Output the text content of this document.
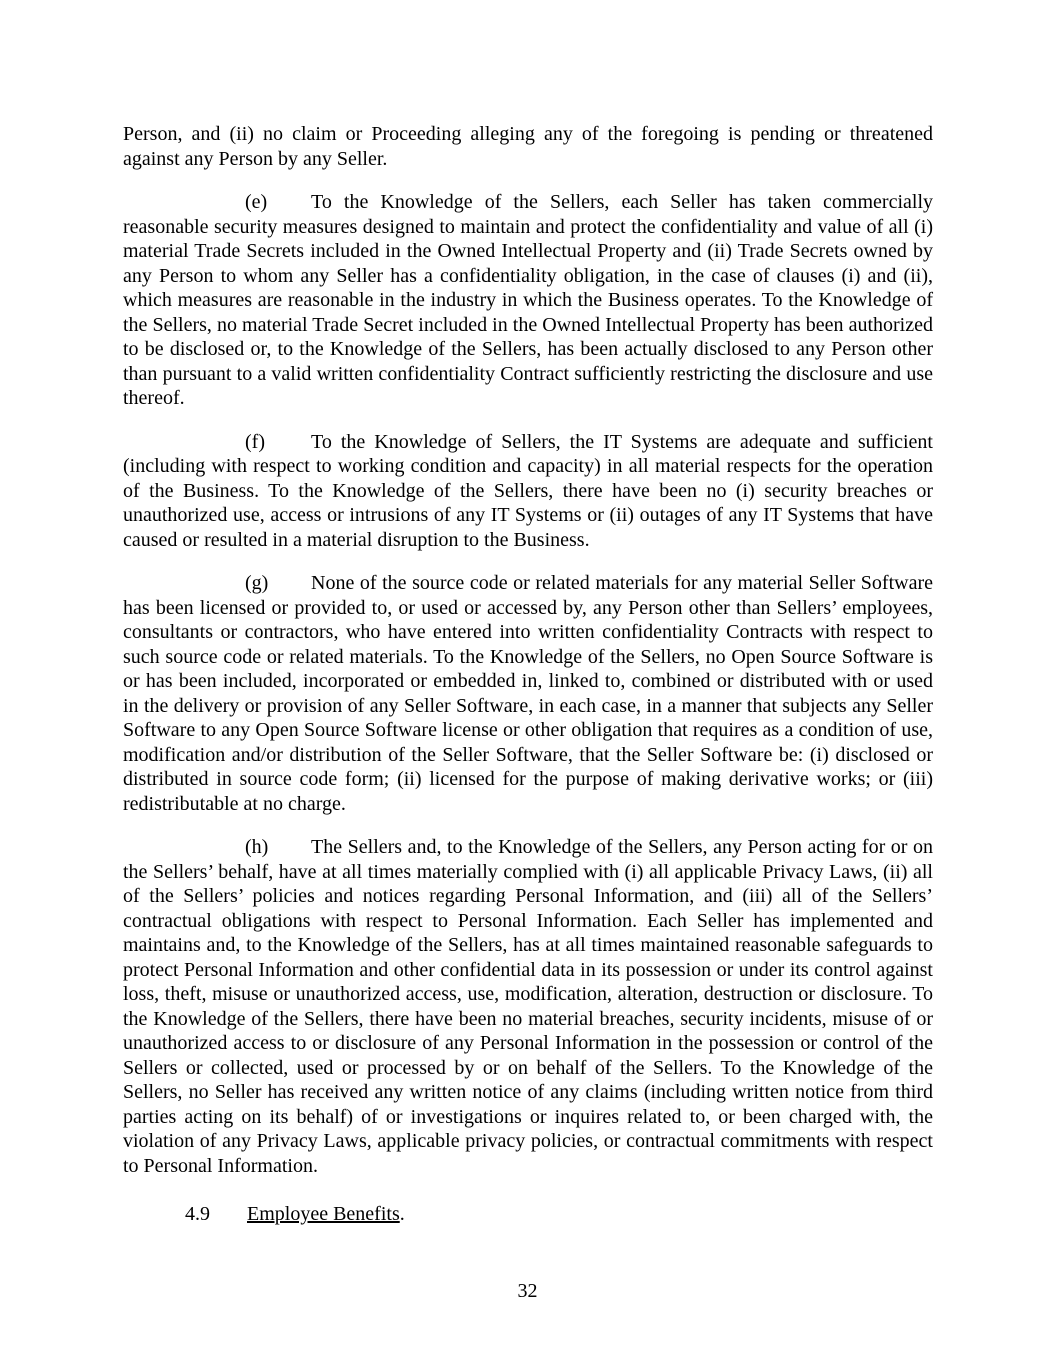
Person, and (ii) no claim or Proceeding alleging any of the foregoing is pending or threatened against any Person by any Seller.

(e) To the Knowledge of the Sellers, each Seller has taken commercially reasonable security measures designed to maintain and protect the confidentiality and value of all (i) material Trade Secrets included in the Owned Intellectual Property and (ii) Trade Secrets owned by any Person to whom any Seller has a confidentiality obligation, in the case of clauses (i) and (ii), which measures are reasonable in the industry in which the Business operates. To the Knowledge of the Sellers, no material Trade Secret included in the Owned Intellectual Property has been authorized to be disclosed or, to the Knowledge of the Sellers, has been actually disclosed to any Person other than pursuant to a valid written confidentiality Contract sufficiently restricting the disclosure and use thereof.

(f) To the Knowledge of Sellers, the IT Systems are adequate and sufficient (including with respect to working condition and capacity) in all material respects for the operation of the Business. To the Knowledge of the Sellers, there have been no (i) security breaches or unauthorized use, access or intrusions of any IT Systems or (ii) outages of any IT Systems that have caused or resulted in a material disruption to the Business.

(g) None of the source code or related materials for any material Seller Software has been licensed or provided to, or used or accessed by, any Person other than Sellers’ employees, consultants or contractors, who have entered into written confidentiality Contracts with respect to such source code or related materials. To the Knowledge of the Sellers, no Open Source Software is or has been included, incorporated or embedded in, linked to, combined or distributed with or used in the delivery or provision of any Seller Software, in each case, in a manner that subjects any Seller Software to any Open Source Software license or other obligation that requires as a condition of use, modification and/or distribution of the Seller Software, that the Seller Software be: (i) disclosed or distributed in source code form; (ii) licensed for the purpose of making derivative works; or (iii) redistributable at no charge.

(h) The Sellers and, to the Knowledge of the Sellers, any Person acting for or on the Sellers’ behalf, have at all times materially complied with (i) all applicable Privacy Laws, (ii) all of the Sellers’ policies and notices regarding Personal Information, and (iii) all of the Sellers’ contractual obligations with respect to Personal Information. Each Seller has implemented and maintains and, to the Knowledge of the Sellers, has at all times maintained reasonable safeguards to protect Personal Information and other confidential data in its possession or under its control against loss, theft, misuse or unauthorized access, use, modification, alteration, destruction or disclosure. To the Knowledge of the Sellers, there have been no material breaches, security incidents, misuse of or unauthorized access to or disclosure of any Personal Information in the possession or control of the Sellers or collected, used or processed by or on behalf of the Sellers. To the Knowledge of the Sellers, no Seller has received any written notice of any claims (including written notice from third parties acting on its behalf) of or investigations or inquires related to, or been charged with, the violation of any Privacy Laws, applicable privacy policies, or contractual commitments with respect to Personal Information.

4.9 Employee Benefits.

32
